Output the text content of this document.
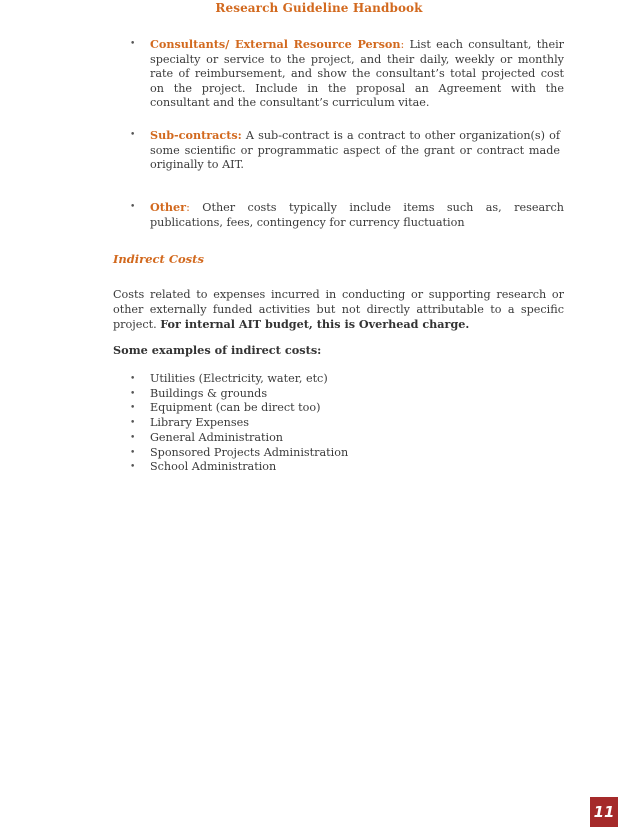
Research Guideline Handbook
• Consultants/ External Resource Person: List each consultant, their specialty or service to the project, and their daily, weekly or monthly rate of reimbursement, and show the consultant’s total projected cost on the project. Include in the proposal an Agreement with the consultant and the consultant’s curriculum vitae.
• Sub-contracts: A sub-contract is a contract to other organization(s) of some scientific or programmatic aspect of the grant or contract made originally to AIT.
• Other: Other costs typically include items such as, research publications, fees, contingency for currency fluctuation
Indirect Costs

Costs related to expenses incurred in conducting or supporting research or other externally funded activities but not directly attributable to a specific project. For internal AIT budget, this is Overhead charge.

Some examples of indirect costs:
• Utilities (Electricity, water, etc)
• Buildings & grounds
• Equipment (can be direct too)
• Library Expenses
• General Administration
• Sponsored Projects Administration
• School Administration
11
